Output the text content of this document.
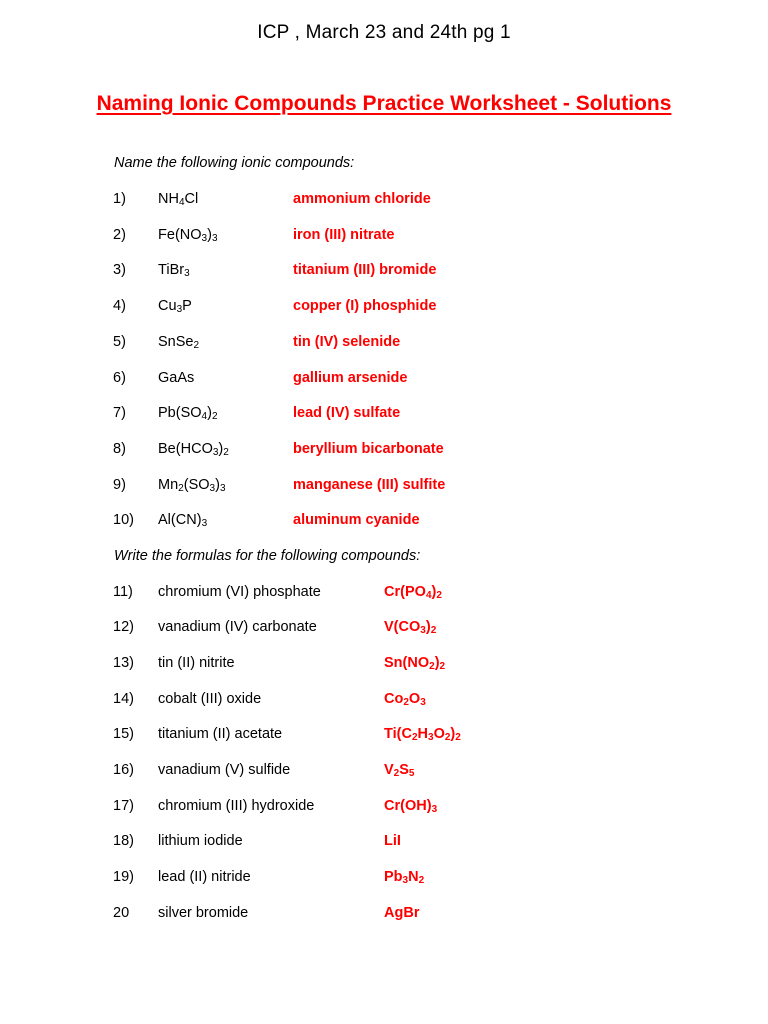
ICP , March 23 and 24th pg 1
Naming Ionic Compounds Practice Worksheet - Solutions
Name the following ionic compounds:
1) $NH_4Cl$	ammonium chloride
2) $Fe(NO_3)_3$	iron (III) nitrate
3) TiBr$_3$	titanium (III) bromide
4) $Cu_3P$	copper (I) phosphide
5) SnSe$_2$	tin (IV) selenide
6) GaAs	gallium arsenide
7) $Pb(SO_4)_2$	lead (IV) sulfate
8) $Be(HCO_3)_2$	beryllium bicarbonate
9) $Mn_2(SO_3)_3$	manganese (III) sulfite
10) $Al(CN)_3$	aluminum cyanide
Write the formulas for the following compounds:
11) chromium (VI) phosphate	$Cr(PO_4)_2$
12) vanadium (IV) carbonate	$V(CO_3)_2$
13) tin (II) nitrite	$Sn(NO_2)_2$
14) cobalt (III) oxide	$Co_2O_3$
15) titanium (II) acetate	$Ti(C_2H_3O_2)_2$
16) vanadium (V) sulfide	$V_2S_5$
17) chromium (III) hydroxide	$Cr(OH)_3$
18) lithium iodide	LiI
19) lead (II) nitride	$Pb_3N_2$
20 silver bromide	AgBr
